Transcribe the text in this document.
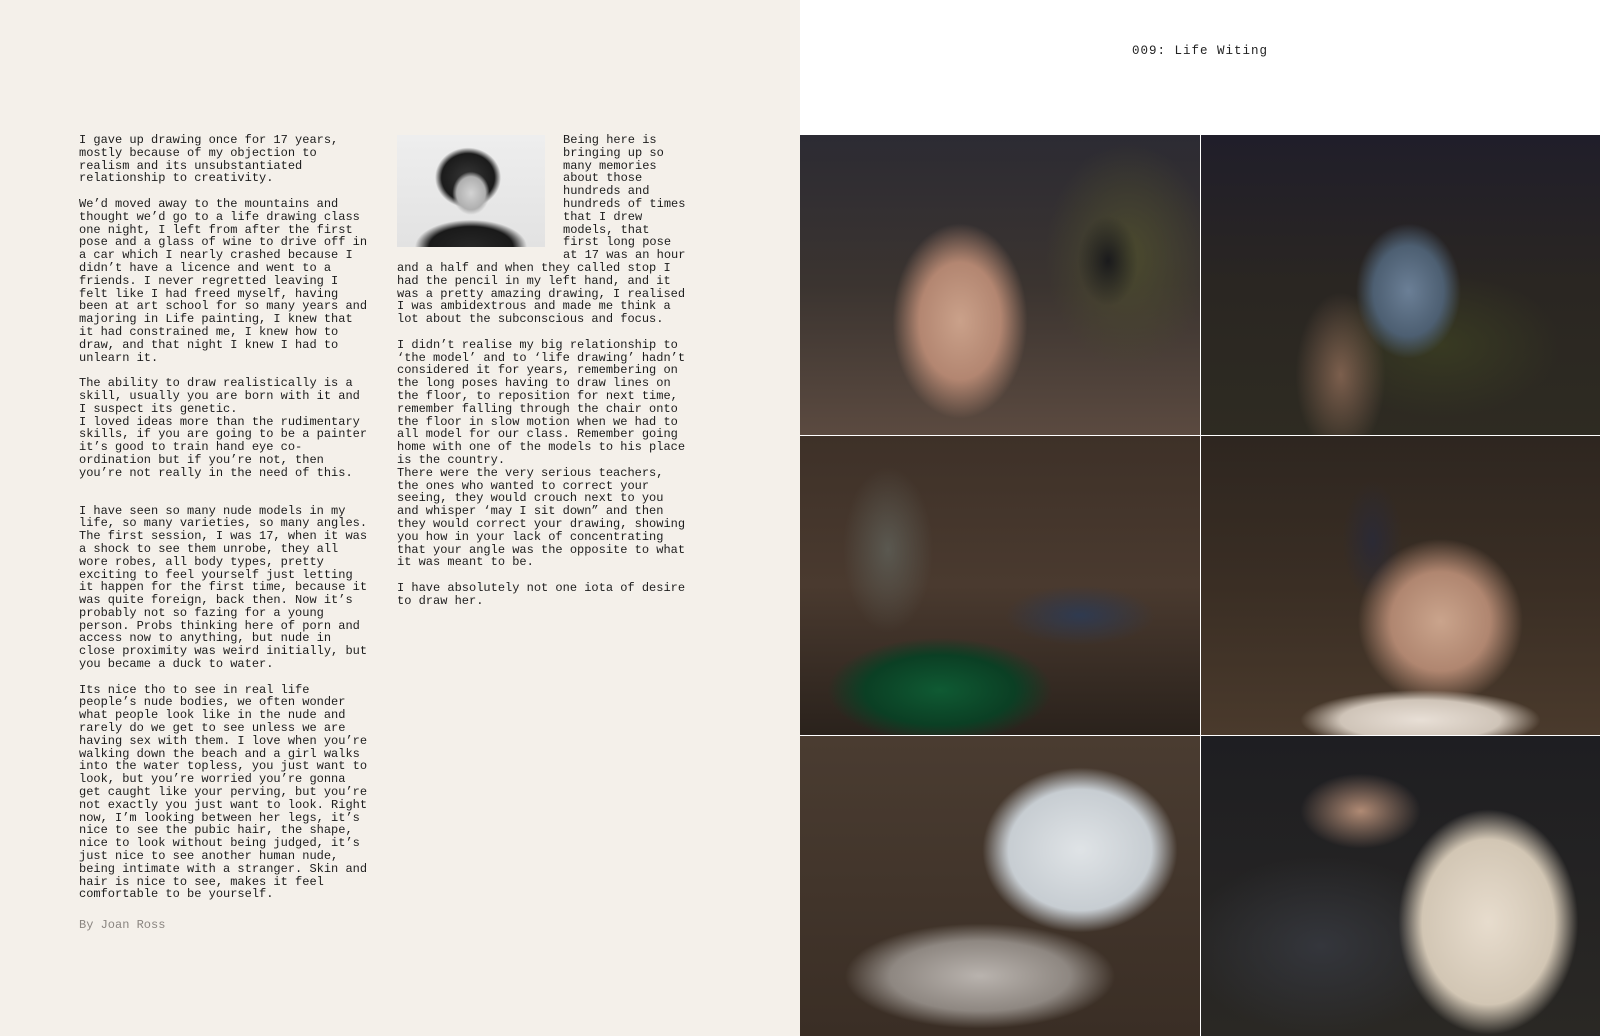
I gave up drawing once for 17 years, mostly because of my objection to realism and its unsubstantiated relationship to creativity.

We’d moved away to the mountains and thought we’d go to a life drawing class one night, I left from after the first pose and a glass of wine to drive off in a car which I nearly crashed because I didn’t have a licence and went to a friends. I never regretted leaving I felt like I had freed myself, having been at art school for so many years and majoring in Life painting, I knew that it had constrained me, I knew how to draw, and that night I knew I had to unlearn it.

The ability to draw realistically is a skill, usually you are born with it and I suspect its genetic.
I loved ideas more than the rudimentary skills, if you are going to be a painter it’s good to train hand eye co-ordination but if you’re not, then you’re not really in the need of this.

I have seen so many nude models in my life, so many varieties, so many angles. The first session, I was 17, when it was a shock to see them unrobe, they all wore robes, all body types, pretty exciting to feel yourself just letting it happen for the first time, because it was quite foreign, back then. Now it’s probably not so fazing for a young person. Probs thinking here of porn and access now to anything, but nude in close proximity was weird initially, but you became a duck to water.

Its nice tho to see in real life people’s nude bodies, we often wonder what people look like in the nude and rarely do we get to see unless we are having sex with them. I love when you’re walking down the beach and a girl walks into the water topless, you just want to look, but you’re worried you’re gonna get caught like your perving, but you’re not exactly you just want to look. Right now, I’m looking between her legs, it’s nice to see the pubic hair, the shape, nice to look without being judged, it’s just nice to see another human nude, being intimate with a stranger. Skin and hair is nice to see, makes it feel comfortable to be yourself.

Being here is bringing up so many memories about those hundreds and hundreds of times that I drew models, that first long pose at 17 was an hour and a half and when they called stop I had the pencil in my left hand, and it was a pretty amazing drawing, I realised I was ambidextrous and made me think a lot about the subconscious and focus.

I didn’t realise my big relationship to ‘the model’ and to ‘life drawing’ hadn’t considered it for years, remembering on the long poses having to draw lines on the floor, to reposition for next time, remember falling through the chair onto the floor in slow motion when we had to all model for our class. Remember going home with one of the models to his place is the country.
There were the very serious teachers, the ones who wanted to correct your seeing, they would crouch next to you and whisper ‘may I sit down” and then they would correct your drawing, showing you how in your lack of concentrating that your angle was the opposite to what it was meant to be.

I have absolutely not one iota of desire to draw her.

By Joan Ross
009: Life Witing
